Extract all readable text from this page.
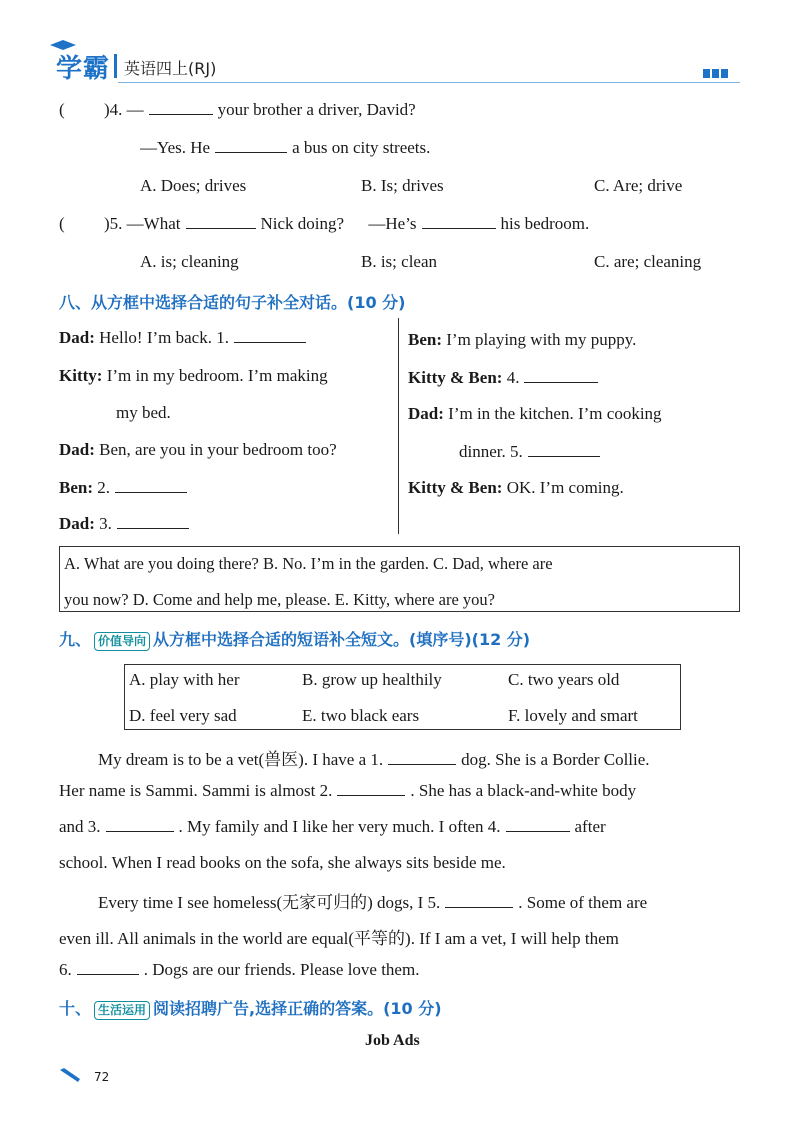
学霸 英语四上(RJ)
( )4. —	your brother a driver, David?
—Yes. He	a bus on city streets.
A. Does; drives	B. Is; drives	C. Are; drive
( )5. —What	Nick doing? —He’s	his bedroom.
A. is; cleaning	B. is; clean	C. are; cleaning
八、从方框中选择合适的句子补全对话。(10 分)
Dad: Hello! I’m back. 1.
Kitty: I’m in my bedroom. I’m making
my bed.
Dad: Ben, are you in your bedroom too?
Ben: 2.
Dad: 3.
Ben: I’m playing with my puppy.
Kitty & Ben: 4.
Dad: I’m in the kitchen. I’m cooking
dinner. 5.
Kitty & Ben: OK. I’m coming.
A. What are you doing there? B. No. I’m in the garden. C. Dad, where are
you now? D. Come and help me, please. E. Kitty, where are you?
九、 价值导向 从方框中选择合适的短语补全短文。(填序号)(12 分)
A. play with her	B. grow up healthily	C. two years old
D. feel very sad	E. two black ears	F. lovely and smart
My dream is to be a vet(兽医). I have a 1.	dog. She is a Border Collie.
Her name is Sammi. Sammi is almost 2.	. She has a black-and-white body
and 3.	. My family and I like her very much. I often 4.	after
school. When I read books on the sofa, she always sits beside me.
Every time I see homeless(无家可归的) dogs, I 5.	. Some of them are
even ill. All animals in the world are equal(平等的). If I am a vet, I will help them
6.	. Dogs are our friends. Please love them.
十、 生活运用 阅读招聘广告,选择正确的答案。(10 分)
Job Ads
72
